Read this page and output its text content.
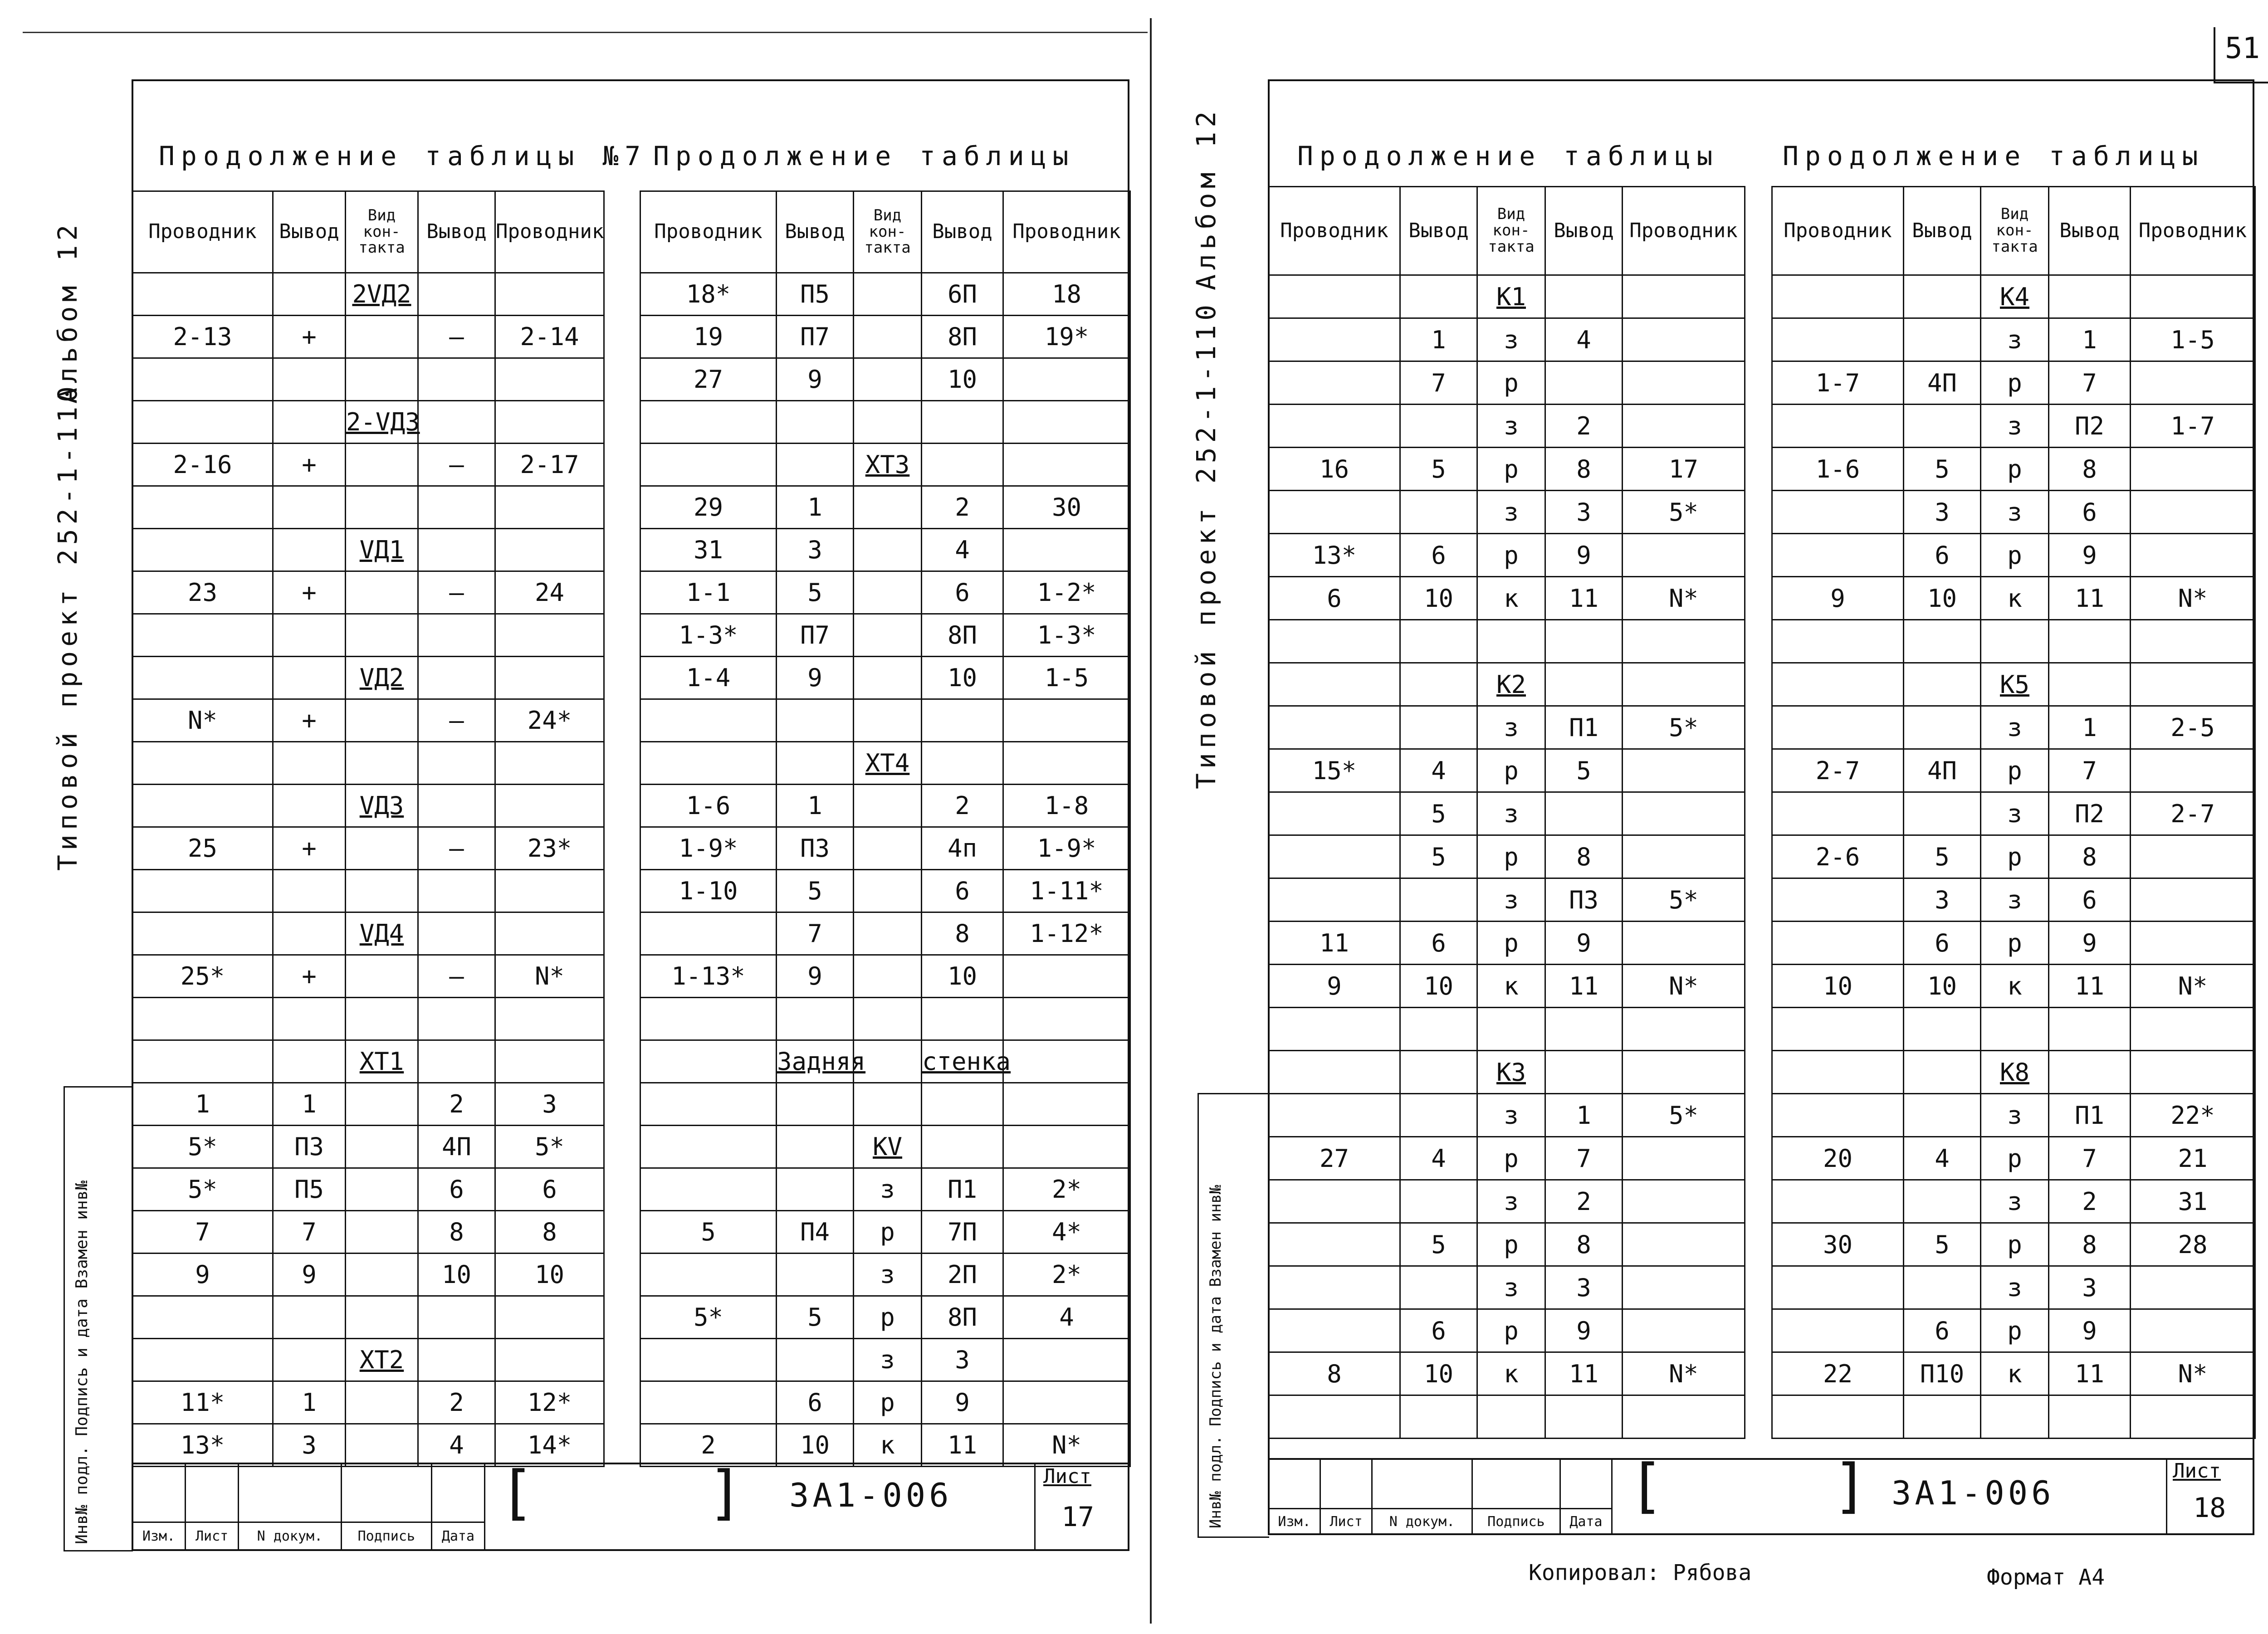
51
Альбом 12
Типовой проект 252-1-110
Инв№ подл. Подпись и дата Взамен инв№
Продолжение таблицы №7 Продолжение таблицы
Проводник	Вывод	Вид кон-такта	Вывод	Проводник
		2VД2		
2-13	+		—	2-14

		2-VД3		
2-16	+		—	2-17

		VД1		
23	+		—	24

		VД2		
N*	+		—	24*

		VД3		
25	+		—	23*

		VД4		
25*	+		—	N*

		XT1		
1	1		2	3
5*	П3		4П	5*
5*	П5		6	6
7	7		8	8
9	9		10	10

		XT2		
11*	1		2	12*
13*	3		4	14*
Проводник	Вывод	Вид кон-такта	Вывод	Проводник
18*	П5		6П	18
19	П7		8П	19*
27	9		10	

		XT3		
29	1		2	30
31	3		4	
1-1	5		6	1-2*
1-3*	П7		8П	1-3*
1-4	9		10	1-5

		XT4		
1-6	1		2	1-8
1-9*	П3		4п	1-9*
1-10	5		6	1-11*
	7		8	1-12*
1-13*	9		10	

	Задняя		стенка	

		KV		
		з	П1	2*
5	П4	р	7П	4*
		з	2П	2*
5*	5	р	8П	4
		з	3	
	6	р	9	
2	10	к	11	N*

Изм.	Лист	N докум.	Подпись	Дата
[	] 3А1-006	Лист
17
Альбом 12
Типовой проект 252-1-110
Инв№ подл. Подпись и дата Взамен инв№
Продолжение таблицы Продолжение таблицы
Проводник	Вывод	Вид кон-такта	Вывод	Проводник
		K1		
	1	з	4	
	7	р		
		з	2	
16	5	р	8	17
		з	3	5*
13*	6	р	9	
6	10	к	11	N*

		K2		
		з	П1	5*
15*	4	р	5	
	5	з		
	5	р	8	
		з	П3	5*
11	6	р	9	
9	10	к	11	N*

		K3		
		з	1	5*
27	4	р	7	
		з	2	
	5	р	8	
		з	3	
	6	р	9	
8	10	к	11	N*

Проводник	Вывод	Вид кон-такта	Вывод	Проводник
		K4		
		з	1	1-5
1-7	4П	р	7	
		з	П2	1-7
1-6	5	р	8	
	3	з	6	
	6	р	9	
9	10	к	11	N*

		K5		
		з	1	2-5
2-7	4П	р	7	
		з	П2	2-7
2-6	5	р	8	
	3	з	6	
	6	р	9	
10	10	к	11	N*

		K8		
		з	П1	22*
20	4	р	7	21
		з	2	31
30	5	р	8	28
		з	3	
	6	р	9	
22	П10	к	11	N*

Изм.	Лист	N докум.	Подпись	Дата
[	] 3А1-006
Лист
18
Копировал: Рябова	Формат А4
